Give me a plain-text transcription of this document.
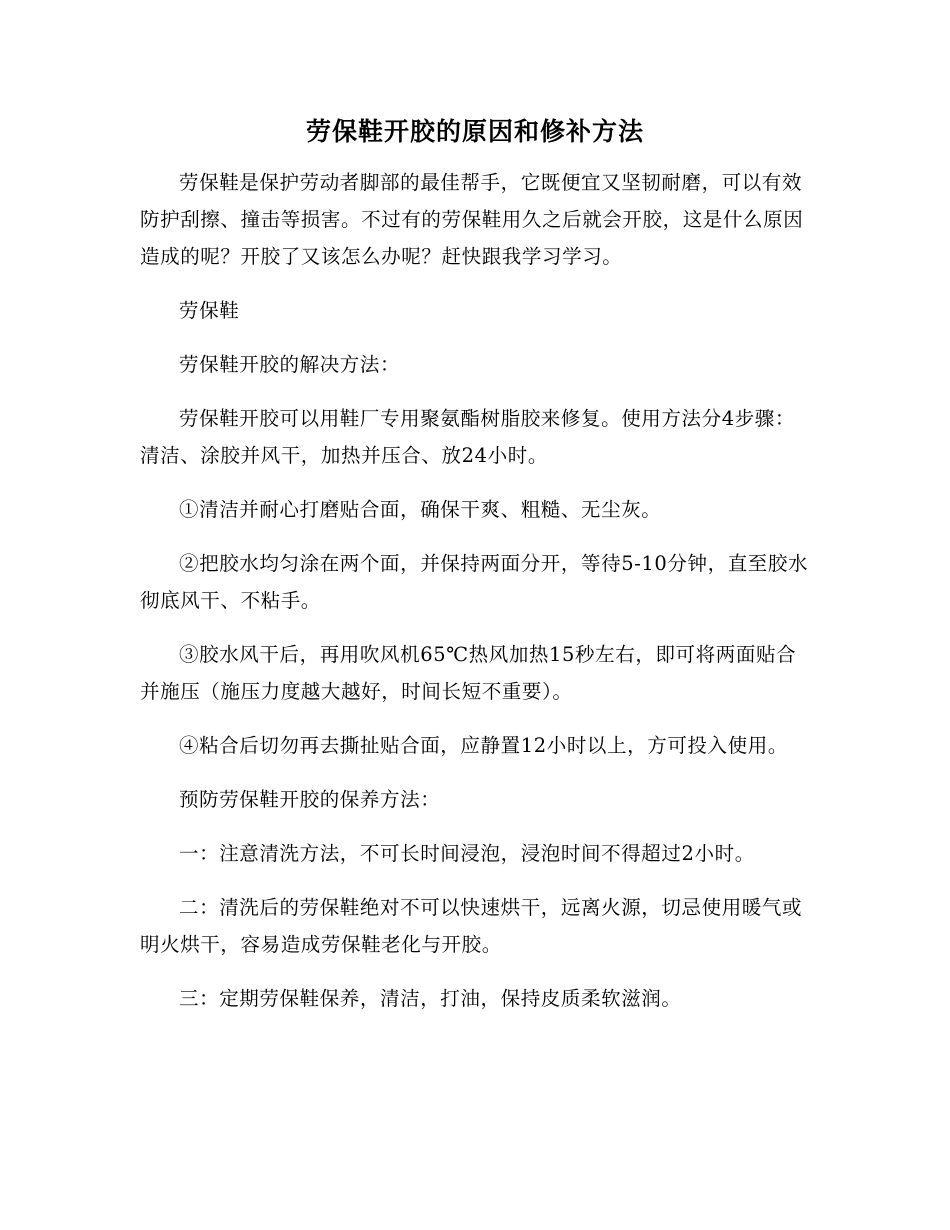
劳保鞋开胶的原因和修补方法

劳保鞋是保护劳动者脚部的最佳帮手，它既便宜又坚韧耐磨，可以有效防护刮擦、撞击等损害。不过有的劳保鞋用久之后就会开胶，这是什么原因造成的呢？开胶了又该怎么办呢？赶快跟我学习学习。

劳保鞋

劳保鞋开胶的解决方法：

劳保鞋开胶可以用鞋厂专用聚氨酯树脂胶来修复。使用方法分4步骤：清洁、涂胶并风干，加热并压合、放24小时。

①清洁并耐心打磨贴合面，确保干爽、粗糙、无尘灰。

②把胶水均匀涂在两个面，并保持两面分开，等待5-10分钟，直至胶水彻底风干、不粘手。

③胶水风干后，再用吹风机65℃热风加热15秒左右，即可将两面贴合并施压（施压力度越大越好，时间长短不重要）。

④粘合后切勿再去撕扯贴合面，应静置12小时以上，方可投入使用。

预防劳保鞋开胶的保养方法：

一：注意清洗方法，不可长时间浸泡，浸泡时间不得超过2小时。

二：清洗后的劳保鞋绝对不可以快速烘干，远离火源，切忌使用暖气或明火烘干，容易造成劳保鞋老化与开胶。

三：定期劳保鞋保养，清洁，打油，保持皮质柔软滋润。
